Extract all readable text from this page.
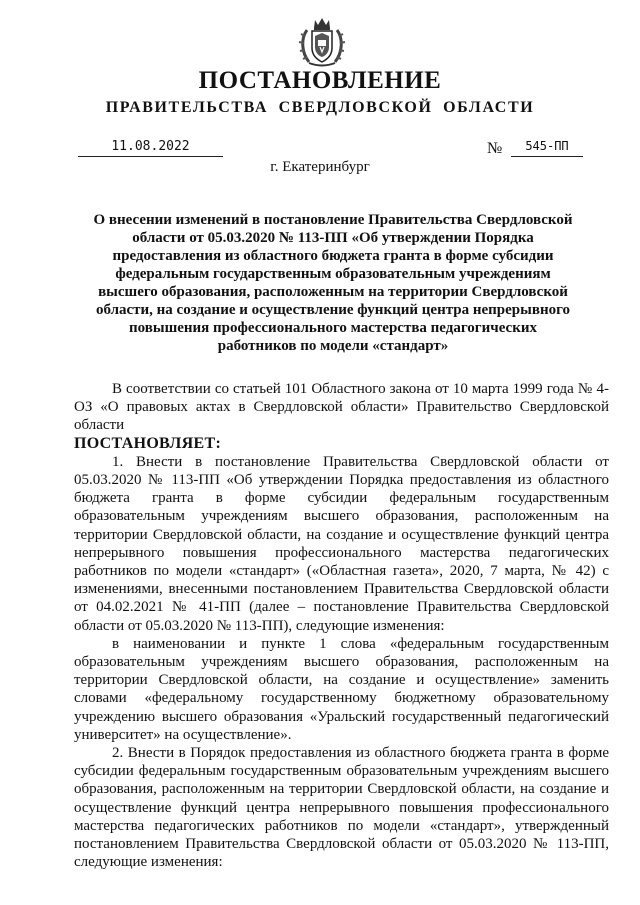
ПОСТАНОВЛЕНИЕ
ПРАВИТЕЛЬСТВА СВЕРДЛОВСКОЙ ОБЛАСТИ
11.08.2022	№	545-ПП
г. Екатеринбург
О внесении изменений в постановление Правительства Свердловской области от 05.03.2020 № 113-ПП «Об утверждении Порядка предоставления из областного бюджета гранта в форме субсидии федеральным государственным образовательным учреждениям высшего образования, расположенным на территории Свердловской области, на создание и осуществление функций центра непрерывного повышения профессионального мастерства педагогических работников по модели «стандарт»

В соответствии со статьей 101 Областного закона от 10 марта 1999 года № 4-ОЗ «О правовых актах в Свердловской области» Правительство Свердловской области

ПОСТАНОВЛЯЕТ:

1. Внести в постановление Правительства Свердловской области от 05.03.2020 № 113-ПП «Об утверждении Порядка предоставления из областного бюджета гранта в форме субсидии федеральным государственным образовательным учреждениям высшего образования, расположенным на территории Свердловской области, на создание и осуществление функций центра непрерывного повышения профессионального мастерства педагогических работников по модели «стандарт» («Областная газета», 2020, 7 марта, № 42) с изменениями, внесенными постановлением Правительства Свердловской области от 04.02.2021 № 41-ПП (далее – постановление Правительства Свердловской области от 05.03.2020 № 113-ПП), следующие изменения:

в наименовании и пункте 1 слова «федеральным государственным образовательным учреждениям высшего образования, расположенным на территории Свердловской области, на создание и осуществление» заменить словами «федеральному государственному бюджетному образовательному учреждению высшего образования «Уральский государственный педагогический университет» на осуществление».

2. Внести в Порядок предоставления из областного бюджета гранта в форме субсидии федеральным государственным образовательным учреждениям высшего образования, расположенным на территории Свердловской области, на создание и осуществление функций центра непрерывного повышения профессионального мастерства педагогических работников по модели «стандарт», утвержденный постановлением Правительства Свердловской области от 05.03.2020 № 113-ПП, следующие изменения:
